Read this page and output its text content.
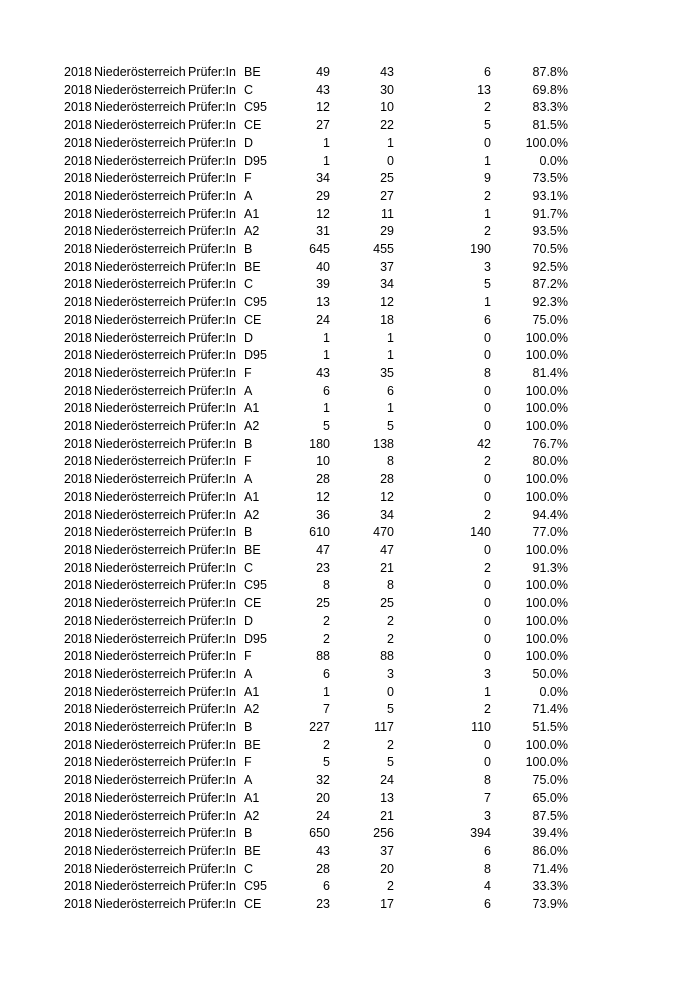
2018	Niederösterreich	Prüfer:In	BE	49	43	6	87.8%
2018	Niederösterreich	Prüfer:In	C	43	30	13	69.8%
2018	Niederösterreich	Prüfer:In	C95	12	10	2	83.3%
2018	Niederösterreich	Prüfer:In	CE	27	22	5	81.5%
2018	Niederösterreich	Prüfer:In	D	1	1	0	100.0%
2018	Niederösterreich	Prüfer:In	D95	1	0	1	0.0%
2018	Niederösterreich	Prüfer:In	F	34	25	9	73.5%
2018	Niederösterreich	Prüfer:In	A	29	27	2	93.1%
2018	Niederösterreich	Prüfer:In	A1	12	11	1	91.7%
2018	Niederösterreich	Prüfer:In	A2	31	29	2	93.5%
2018	Niederösterreich	Prüfer:In	B	645	455	190	70.5%
2018	Niederösterreich	Prüfer:In	BE	40	37	3	92.5%
2018	Niederösterreich	Prüfer:In	C	39	34	5	87.2%
2018	Niederösterreich	Prüfer:In	C95	13	12	1	92.3%
2018	Niederösterreich	Prüfer:In	CE	24	18	6	75.0%
2018	Niederösterreich	Prüfer:In	D	1	1	0	100.0%
2018	Niederösterreich	Prüfer:In	D95	1	1	0	100.0%
2018	Niederösterreich	Prüfer:In	F	43	35	8	81.4%
2018	Niederösterreich	Prüfer:In	A	6	6	0	100.0%
2018	Niederösterreich	Prüfer:In	A1	1	1	0	100.0%
2018	Niederösterreich	Prüfer:In	A2	5	5	0	100.0%
2018	Niederösterreich	Prüfer:In	B	180	138	42	76.7%
2018	Niederösterreich	Prüfer:In	F	10	8	2	80.0%
2018	Niederösterreich	Prüfer:In	A	28	28	0	100.0%
2018	Niederösterreich	Prüfer:In	A1	12	12	0	100.0%
2018	Niederösterreich	Prüfer:In	A2	36	34	2	94.4%
2018	Niederösterreich	Prüfer:In	B	610	470	140	77.0%
2018	Niederösterreich	Prüfer:In	BE	47	47	0	100.0%
2018	Niederösterreich	Prüfer:In	C	23	21	2	91.3%
2018	Niederösterreich	Prüfer:In	C95	8	8	0	100.0%
2018	Niederösterreich	Prüfer:In	CE	25	25	0	100.0%
2018	Niederösterreich	Prüfer:In	D	2	2	0	100.0%
2018	Niederösterreich	Prüfer:In	D95	2	2	0	100.0%
2018	Niederösterreich	Prüfer:In	F	88	88	0	100.0%
2018	Niederösterreich	Prüfer:In	A	6	3	3	50.0%
2018	Niederösterreich	Prüfer:In	A1	1	0	1	0.0%
2018	Niederösterreich	Prüfer:In	A2	7	5	2	71.4%
2018	Niederösterreich	Prüfer:In	B	227	117	110	51.5%
2018	Niederösterreich	Prüfer:In	BE	2	2	0	100.0%
2018	Niederösterreich	Prüfer:In	F	5	5	0	100.0%
2018	Niederösterreich	Prüfer:In	A	32	24	8	75.0%
2018	Niederösterreich	Prüfer:In	A1	20	13	7	65.0%
2018	Niederösterreich	Prüfer:In	A2	24	21	3	87.5%
2018	Niederösterreich	Prüfer:In	B	650	256	394	39.4%
2018	Niederösterreich	Prüfer:In	BE	43	37	6	86.0%
2018	Niederösterreich	Prüfer:In	C	28	20	8	71.4%
2018	Niederösterreich	Prüfer:In	C95	6	2	4	33.3%
2018	Niederösterreich	Prüfer:In	CE	23	17	6	73.9%
